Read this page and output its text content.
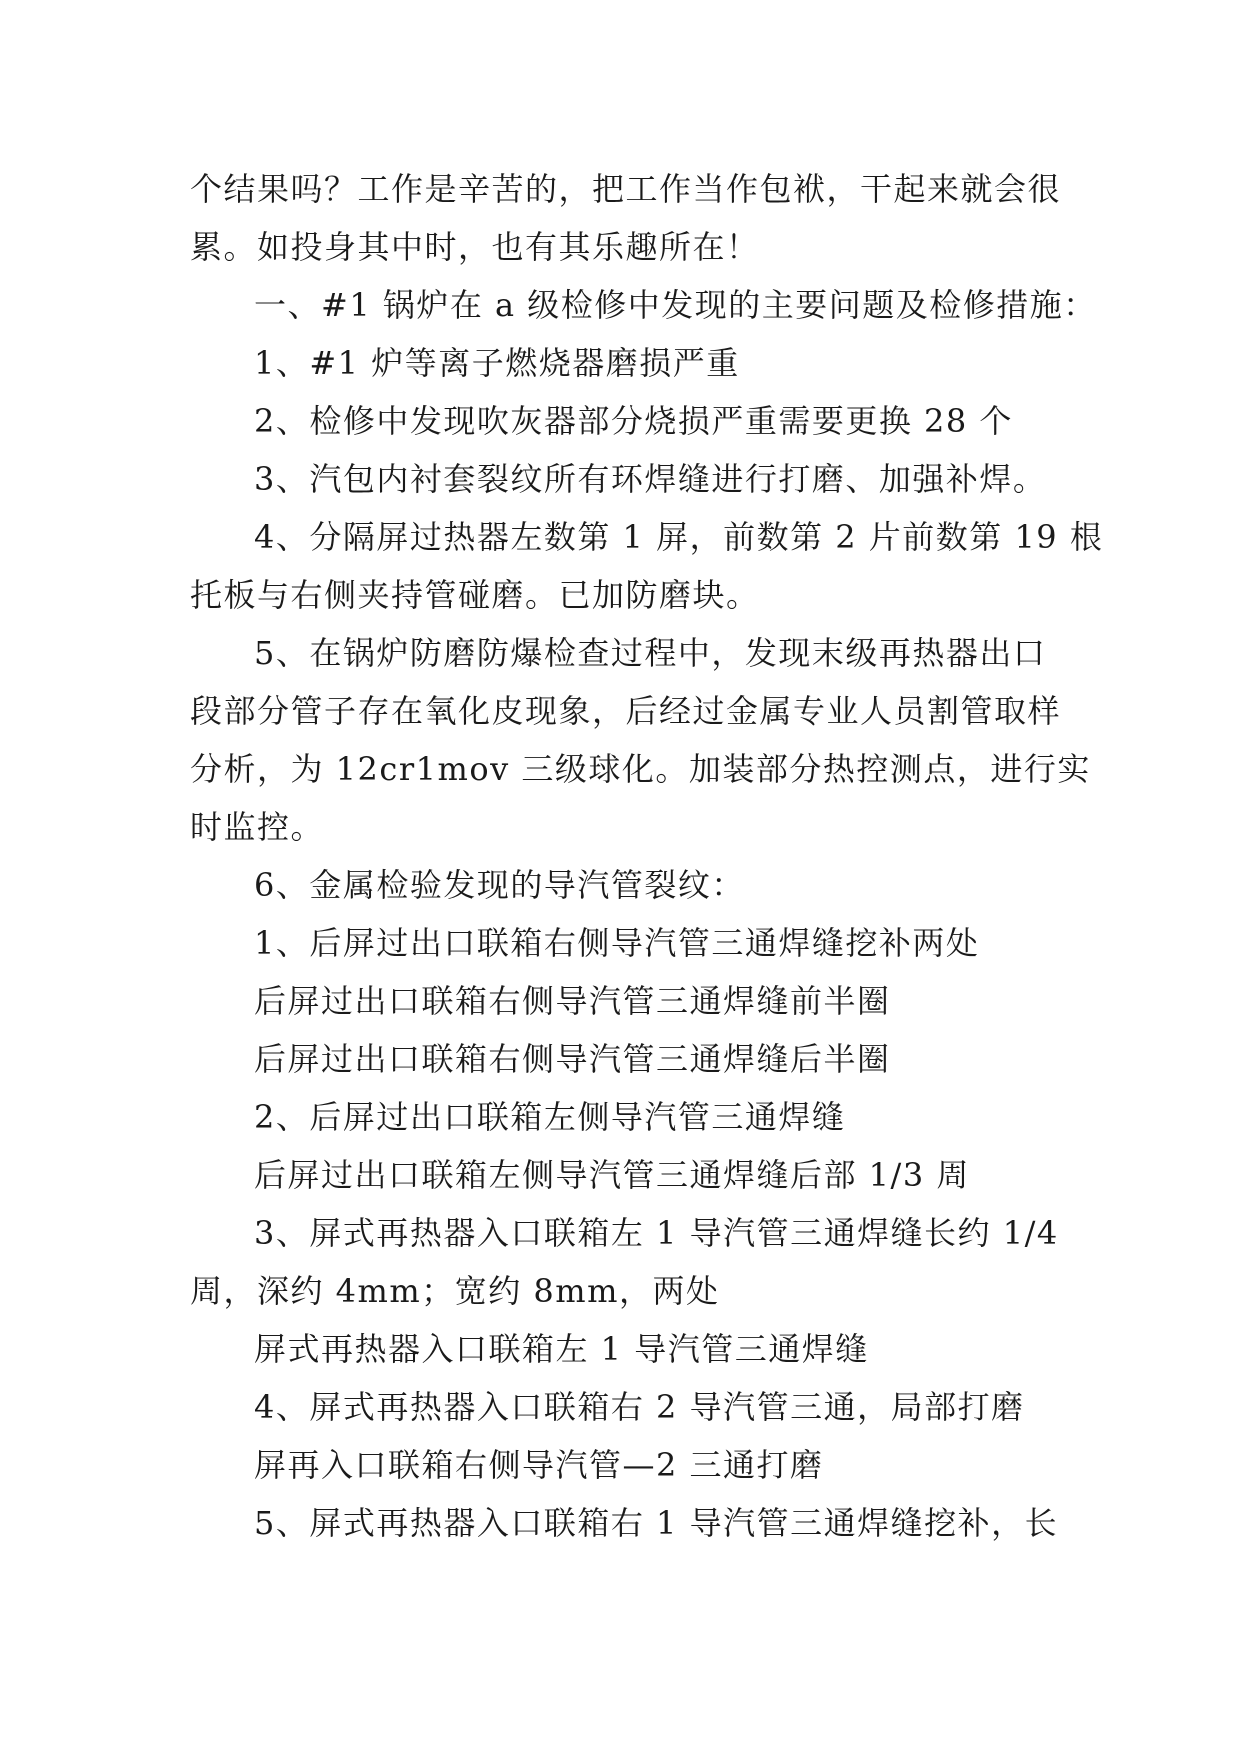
个结果吗？工作是辛苦的，把工作当作包袱，干起来就会很
累。如投身其中时，也有其乐趣所在！
一、#1 锅炉在 a 级检修中发现的主要问题及检修措施：
1、#1 炉等离子燃烧器磨损严重
2、检修中发现吹灰器部分烧损严重需要更换 28 个
3、汽包内衬套裂纹所有环焊缝进行打磨、加强补焊。
4、分隔屏过热器左数第 1 屏，前数第 2 片前数第 19 根
托板与右侧夹持管碰磨。已加防磨块。
5、在锅炉防磨防爆检查过程中，发现末级再热器出口
段部分管子存在氧化皮现象，后经过金属专业人员割管取样
分析，为 12cr1mov 三级球化。加装部分热控测点，进行实
时监控。
6、金属检验发现的导汽管裂纹：
1、后屏过出口联箱右侧导汽管三通焊缝挖补两处
后屏过出口联箱右侧导汽管三通焊缝前半圈
后屏过出口联箱右侧导汽管三通焊缝后半圈
2、后屏过出口联箱左侧导汽管三通焊缝
后屏过出口联箱左侧导汽管三通焊缝后部 1/3 周
3、屏式再热器入口联箱左 1 导汽管三通焊缝长约 1/4
周，深约 4mm；宽约 8mm，两处
屏式再热器入口联箱左 1 导汽管三通焊缝
4、屏式再热器入口联箱右 2 导汽管三通，局部打磨
屏再入口联箱右侧导汽管—2 三通打磨
5、屏式再热器入口联箱右 1 导汽管三通焊缝挖补，长
